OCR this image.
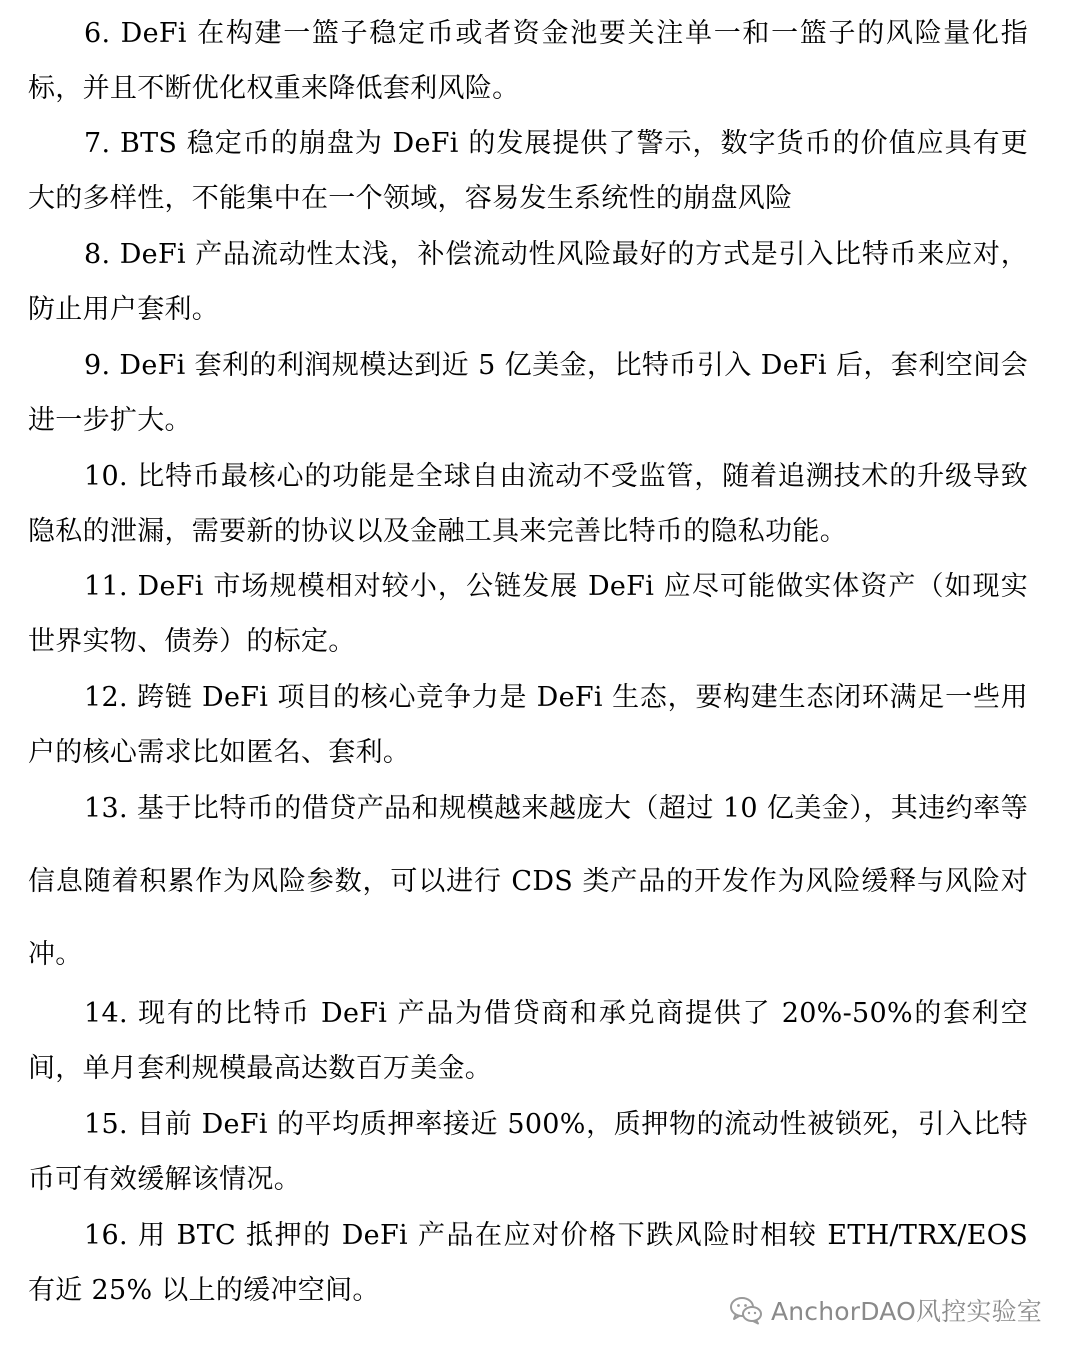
6. DeFi 在构建一篮子稳定币或者资金池要关注单一和一篮子的风险量化指标，并且不断优化权重来降低套利风险。

7. BTS 稳定币的崩盘为 DeFi 的发展提供了警示，数字货币的价值应具有更大的多样性，不能集中在一个领域，容易发生系统性的崩盘风险

8. DeFi 产品流动性太浅，补偿流动性风险最好的方式是引入比特币来应对，防止用户套利。

9. DeFi 套利的利润规模达到近 5 亿美金，比特币引入 DeFi 后，套利空间会进一步扩大。

10. 比特币最核心的功能是全球自由流动不受监管，随着追溯技术的升级导致隐私的泄漏，需要新的协议以及金融工具来完善比特币的隐私功能。

11. DeFi 市场规模相对较小，公链发展 DeFi 应尽可能做实体资产（如现实世界实物、债券）的标定。

12. 跨链 DeFi 项目的核心竞争力是 DeFi 生态，要构建生态闭环满足一些用户的核心需求比如匿名、套利。

13. 基于比特币的借贷产品和规模越来越庞大（超过 10 亿美金），其违约率等信息随着积累作为风险参数，可以进行 CDS 类产品的开发作为风险缓释与风险对冲。

14. 现有的比特币 DeFi 产品为借贷商和承兑商提供了 20%-50%的套利空间，单月套利规模最高达数百万美金。

15. 目前 DeFi 的平均质押率接近 500%，质押物的流动性被锁死，引入比特币可有效缓解该情况。

16. 用 BTC 抵押的 DeFi 产品在应对价格下跌风险时相较 ETH/TRX/EOS 有近 25% 以上的缓冲空间。

AnchorDAO风控实验室
